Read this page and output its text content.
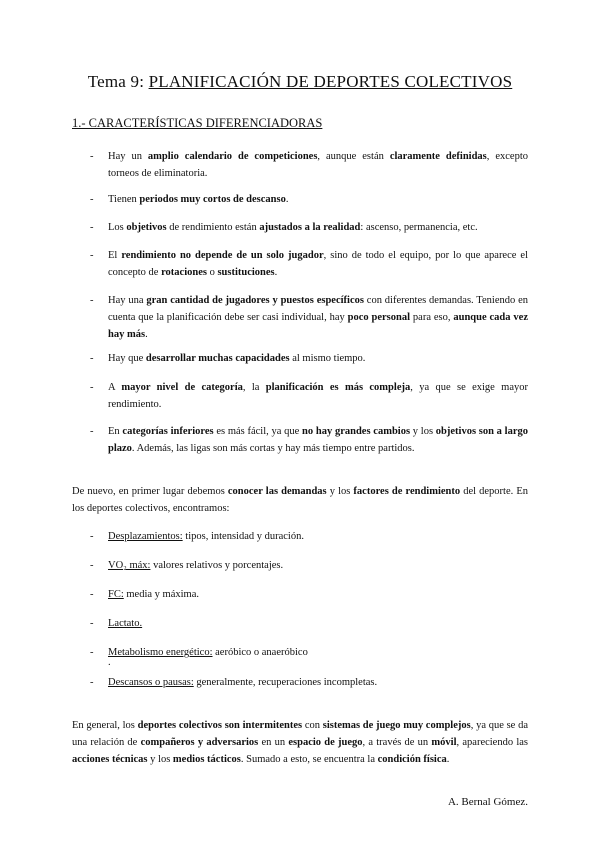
Tema 9: PLANIFICACIÓN DE DEPORTES COLECTIVOS
1.- CARACTERÍSTICAS DIFERENCIADORAS
- Hay un amplio calendario de competiciones, aunque están claramente definidas, excepto torneos de eliminatoria.
- Tienen periodos muy cortos de descanso.
- Los objetivos de rendimiento están ajustados a la realidad: ascenso, permanencia, etc.
- El rendimiento no depende de un solo jugador, sino de todo el equipo, por lo que aparece el concepto de rotaciones o sustituciones.
- Hay una gran cantidad de jugadores y puestos específicos con diferentes demandas. Teniendo en cuenta que la planificación debe ser casi individual, hay poco personal para eso, aunque cada vez hay más.
- Hay que desarrollar muchas capacidades al mismo tiempo.
- A mayor nivel de categoría, la planificación es más compleja, ya que se exige mayor rendimiento.
- En categorías inferiores es más fácil, ya que no hay grandes cambios y los objetivos son a largo plazo. Además, las ligas son más cortas y hay más tiempo entre partidos.

De nuevo, en primer lugar debemos conocer las demandas y los factores de rendimiento del deporte. En los deportes colectivos, encontramos:

- Desplazamientos: tipos, intensidad y duración.
- VO₂ máx: valores relativos y porcentajes.
- FC: media y máxima.
- Lactato.
- Metabolismo energético: aeróbico o anaeróbico
.
- Descansos o pausas: generalmente, recuperaciones incompletas.

En general, los deportes colectivos son intermitentes con sistemas de juego muy complejos, ya que se da una relación de compañeros y adversarios en un espacio de juego, a través de un móvil, apareciendo las acciones técnicas y los medios tácticos. Sumado a esto, se encuentra la condición física.

A. Bernal Gómez.
